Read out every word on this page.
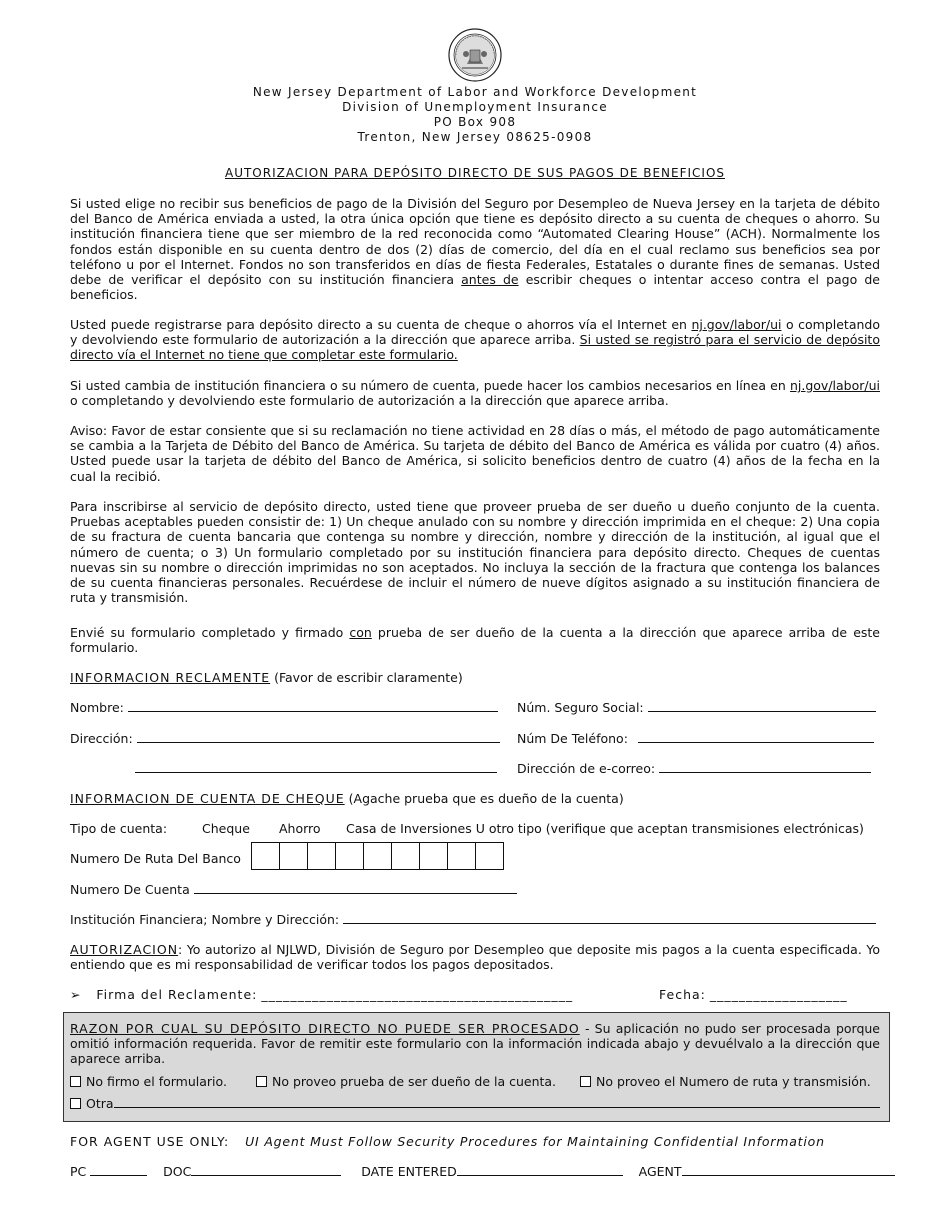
New Jersey Department of Labor and Workforce Development
Division of Unemployment Insurance
PO Box 908
Trenton, New Jersey 08625-0908
AUTORIZACION PARA DEPÓSITO DIRECTO DE SUS PAGOS DE BENEFICIOS
Si usted elige no recibir sus beneficios de pago de la División del Seguro por Desempleo de Nueva Jersey en la tarjeta de débito del Banco de América enviada a usted, la otra única opción que tiene es depósito directo a su cuenta de cheques o ahorro. Su institución financiera tiene que ser miembro de la red reconocida como “Automated Clearing House” (ACH). Normalmente los fondos están disponible en su cuenta dentro de dos (2) días de comercio, del día en el cual reclamo sus beneficios sea por teléfono u por el Internet. Fondos no son transferidos en días de fiesta Federales, Estatales o durante fines de semanas. Usted debe de verificar el depósito con su institución financiera antes de escribir cheques o intentar acceso contra el pago de beneficios.
Usted puede registrarse para depósito directo a su cuenta de cheque o ahorros vía el Internet en nj.gov/labor/ui o completando y devolviendo este formulario de autorización a la dirección que aparece arriba. Si usted se registró para el servicio de depósito directo vía el Internet no tiene que completar este formulario.
Si usted cambia de institución financiera o su número de cuenta, puede hacer los cambios necesarios en línea en nj.gov/labor/ui o completando y devolviendo este formulario de autorización a la dirección que aparece arriba.
Aviso: Favor de estar consiente que si su reclamación no tiene actividad en 28 días o más, el método de pago automáticamente se cambia a la Tarjeta de Débito del Banco de América. Su tarjeta de débito del Banco de América es válida por cuatro (4) años. Usted puede usar la tarjeta de débito del Banco de América, si solicito beneficios dentro de cuatro (4) años de la fecha en la cual la recibió.
Para inscribirse al servicio de depósito directo, usted tiene que proveer prueba de ser dueño u dueño conjunto de la cuenta. Pruebas aceptables pueden consistir de: 1) Un cheque anulado con su nombre y dirección imprimida en el cheque: 2) Una copia de su fractura de cuenta bancaria que contenga su nombre y dirección, nombre y dirección de la institución, al igual que el número de cuenta; o 3) Un formulario completado por su institución financiera para depósito directo. Cheques de cuentas nuevas sin su nombre o dirección imprimidas no son aceptados. No incluya la sección de la fractura que contenga los balances de su cuenta financieras personales. Recuérdese de incluir el número de nueve dígitos asignado a su institución financiera de ruta y transmisión.
Envié su formulario completado y firmado con prueba de ser dueño de la cuenta a la dirección que aparece arriba de este formulario.
INFORMACION RECLAMENTE (Favor de escribir claramente)
Nombre:	Núm. Seguro Social:
Dirección:	Núm De Teléfono:
Dirección de e-correo:
INFORMACION DE CUENTA DE CHEQUE (Agache prueba que es dueño de la cuenta)
Tipo de cuenta:	Cheque Ahorro Casa de Inversiones U otro tipo (verifique que aceptan transmisiones electrónicas)
Numero De Ruta Del Banco
Numero De Cuenta
Institución Financiera; Nombre y Dirección:
AUTORIZACION: Yo autorizo al NJLWD, División de Seguro por Desempleo que deposite mis pagos a la cuenta especificada. Yo entiendo que es mi responsabilidad de verificar todos los pagos depositados.
➢ Firma del Reclamente: ___________________________________________	Fecha: ___________________
RAZON POR CUAL SU DEPÓSITO DIRECTO NO PUEDE SER PROCESADO - Su aplicación no pudo ser procesada porque omitió información requerida. Favor de remitir este formulario con la información indicada abajo y devuélvalo a la dirección que aparece arriba.
No firmo el formulario.	No proveo prueba de ser dueño de la cuenta.	No proveo el Numero de ruta y transmisión.
Otra
FOR AGENT USE ONLY: UI Agent Must Follow Security Procedures for Maintaining Confidential Information
PC	DOC	DATE ENTERED	AGENT
